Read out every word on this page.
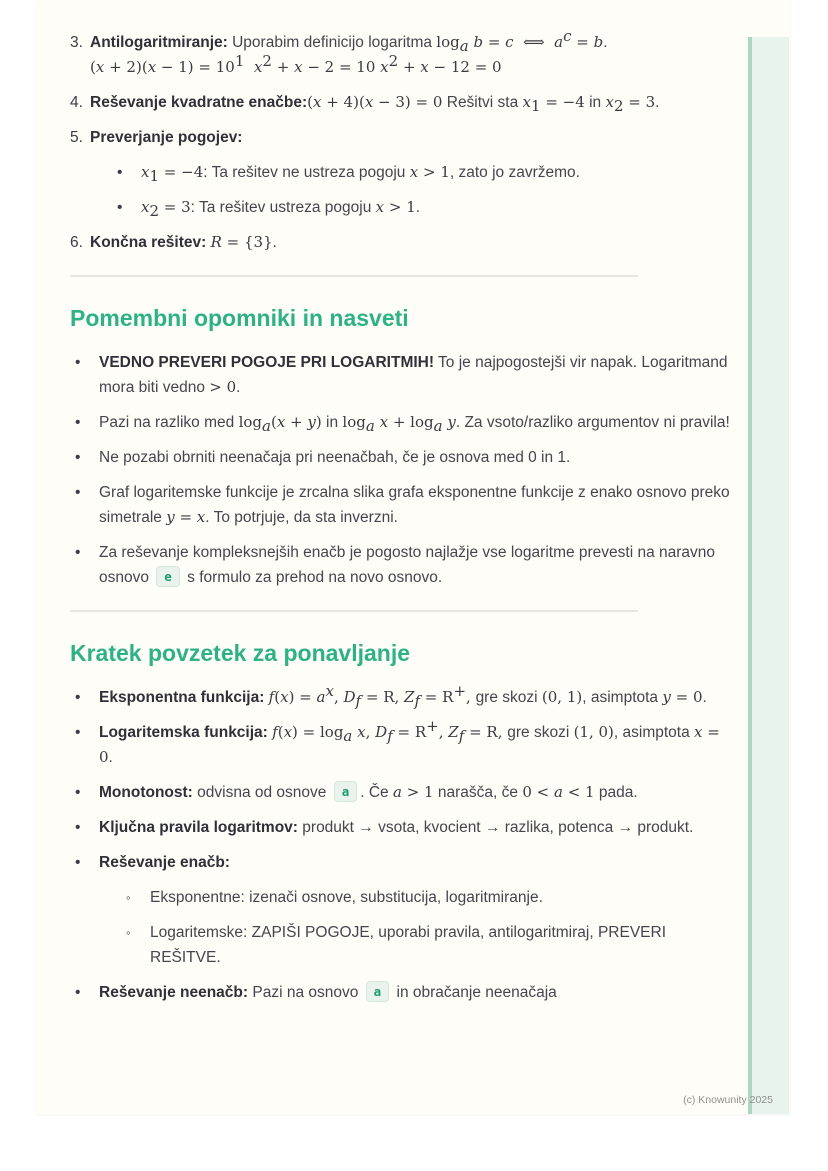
3. Antilogaritmiranje: Uporabim definicijo logaritma $\log_a b = c$  ⟺  $a^c = b$.
$(x + 2)(x - 1) = 10^1$ $x^2 + x - 2 = 10$ $x^2 + x - 12 = 0$
4. Reševanje kvadratne enačbe:(x + 4)(x − 3) = 0 Rešitvi sta $x_1 = -4$ in $x_2 = 3$.
5. Preverjanje pogojev:
•	$x_1 = -4$: Ta rešitev ne ustreza pogoju x > 1, zato jo zavržemo.
•	$x_2 = 3$: Ta rešitev ustreza pogoju x > 1.
6. Končna rešitev: R = {3}.
Pomembni opomniki in nasveti
•	VEDNO PREVERI POGOJE PRI LOGARITMIH! To je najpogostejši vir napak. Logaritmand mora biti vedno > 0.
•	Pazi na razliko med $\log_a(x + y)$ in $\log_a x + \log_a y$. Za vsoto/razliko argumentov ni pravila!
•	Ne pozabi obrniti neenačaja pri neenačbah, če je osnova med 0 in 1.
•	Graf logaritemske funkcije je zrcalna slika grafa eksponentne funkcije z enako osnovo preko simetrale y = x. To potrjuje, da sta inverzni.
•	Za reševanje kompleksnejših enačb je pogosto najlažje vse logaritme prevesti na naravno osnovo e s formulo za prehod na novo osnovo.
Kratek povzetek za ponavljanje
•	Eksponentna funkcija: $f(x) = a^x$, $D_f = R$, $Z_f = R^+$, gre skozi (0, 1), asimptota y = 0.
•	Logaritemska funkcija: $f(x) = \log_a x$, $D_f = R^+$, $Z_f = R$, gre skozi (1, 0), asimptota x = 0.
•	Monotonost: odvisna od osnove a . Če a > 1 narašča, če 0 < a < 1 pada.
•	Ključna pravila logaritmov: produkt → vsota, kvocient → razlika, potenca → produkt.
•	Reševanje enačb:
◦	Eksponentne: izenači osnove, substitucija, logaritmiranje.
◦	Logaritemske: ZAPIŠI POGOJE, uporabi pravila, antilogaritmiraj, PREVERI REŠITVE.
•	Reševanje neenačb: Pazi na osnovo a in obračanje neenačaja
(c) Knowunity 2025
